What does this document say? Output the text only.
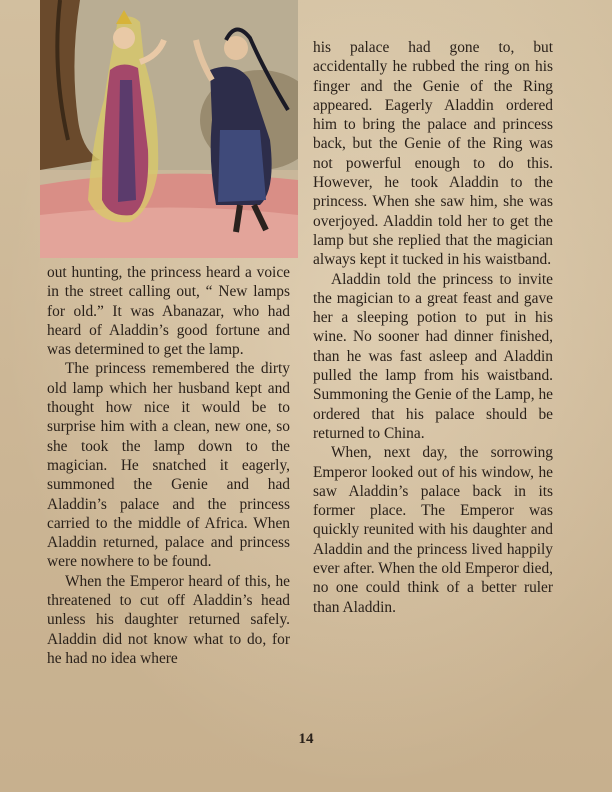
out hunting, the princess heard a voice in the street calling out, “ New lamps for old.” It was Abanazar, who had heard of Aladdin’s good fortune and was determined to get the lamp.

The princess remembered the dirty old lamp which her husband kept and thought how nice it would be to surprise him with a clean, new one, so she took the lamp down to the magician. He snatched it eagerly, summoned the Genie and had Aladdin’s palace and the princess carried to the middle of Africa. When Aladdin returned, palace and princess were nowhere to be found.

When the Emperor heard of this, he threatened to cut off Aladdin’s head unless his daughter returned safely. Aladdin did not know what to do, for he had no idea where

his palace had gone to, but accidentally he rubbed the ring on his finger and the Genie of the Ring appeared. Eagerly Aladdin ordered him to bring the palace and princess back, but the Genie of the Ring was not powerful enough to do this. However, he took Aladdin to the princess. When she saw him, she was overjoyed. Aladdin told her to get the lamp but she replied that the magician always kept it tucked in his waistband.

Aladdin told the princess to invite the magician to a great feast and gave her a sleeping potion to put in his wine. No sooner had dinner finished, than he was fast asleep and Aladdin pulled the lamp from his waistband. Summoning the Genie of the Lamp, he ordered that his palace should be returned to China.

When, next day, the sorrowing Emperor looked out of his window, he saw Aladdin’s palace back in its former place. The Emperor was quickly reunited with his daughter and Aladdin and the princess lived happily ever after. When the old Emperor died, no one could think of a better ruler than Aladdin.

14
